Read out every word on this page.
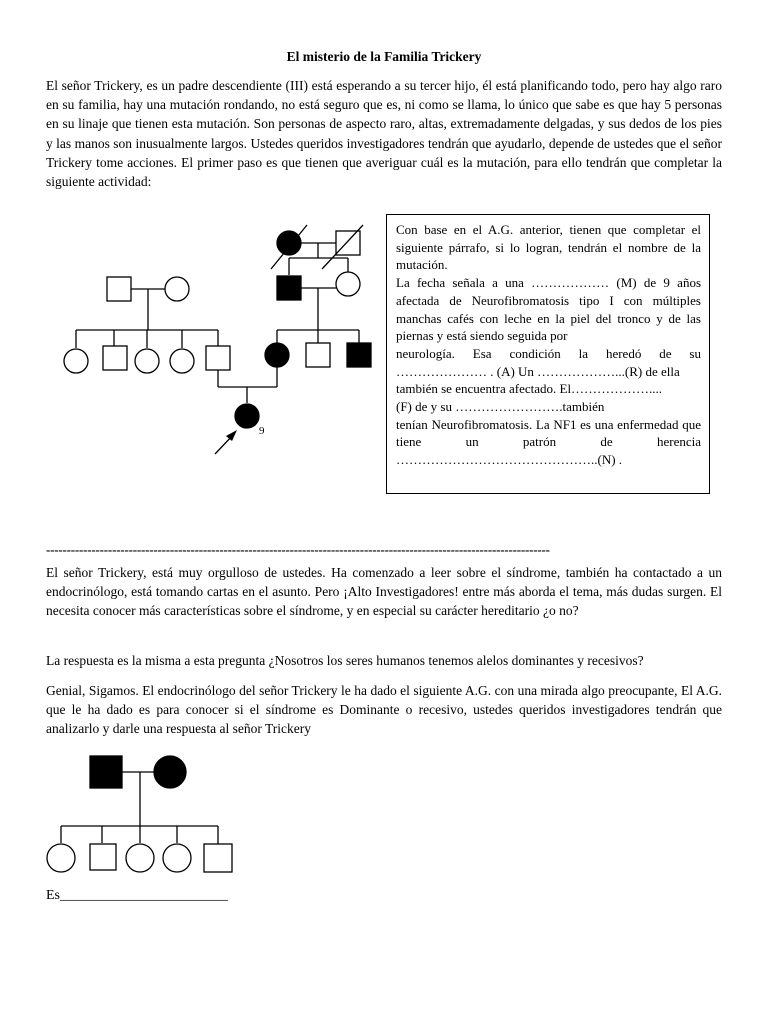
El misterio de la Familia Trickery

El señor Trickery, es un padre descendiente (III) está esperando a su tercer hijo, él está planificando todo, pero hay algo raro en su familia, hay una mutación rondando, no está seguro que es, ni como se llama, lo único que sabe es que hay 5 personas en su linaje que tienen esta mutación. Son personas de aspecto raro, altas, extremadamente delgadas, y sus dedos de los pies y las manos son inusualmente largos. Ustedes queridos investigadores tendrán que ayudarlo, depende de ustedes que el señor Trickery tome acciones. El primer paso es que tienen que averiguar cuál es la mutación, para ello tendrán que completar la siguiente actividad:

9

Con base en el A.G. anterior, tienen que completar el siguiente párrafo, si lo logran, tendrán el nombre de la mutación.

La fecha señala a una ……………… (M) de 9 años afectada de Neurofibromatosis tipo I con múltiples manchas cafés con leche en la piel del tronco y de las piernas y está siendo seguida por

neurología. Esa condición la heredó de su ………………… . (A) Un ………………...(R) de ella

también se encuentra afectado. El………………....

(F) de y su …………………….también

tenían Neurofibromatosis. La NF1 es una enfermedad que tiene un patrón de herencia ………………………………………..(N) .

--------------------------------------------------------------------------------------------------------------------------

El señor Trickery, está muy orgulloso de ustedes. Ha comenzado a leer sobre el síndrome, también ha contactado a un endocrinólogo, está tomando cartas en el asunto. Pero ¡Alto Investigadores! entre más aborda el tema, más dudas surgen. El necesita conocer más características sobre el síndrome, y en especial su carácter hereditario ¿o no?

La respuesta es la misma a esta pregunta ¿Nosotros los seres humanos tenemos alelos dominantes y recesivos?

Genial, Sigamos. El endocrinólogo del señor Trickery le ha dado el siguiente A.G. con una mirada algo preocupante, El A.G. que le ha dado es para conocer si el síndrome es Dominante o recesivo, ustedes queridos investigadores tendrán que analizarlo y darle una respuesta al señor Trickery

Es________________________
